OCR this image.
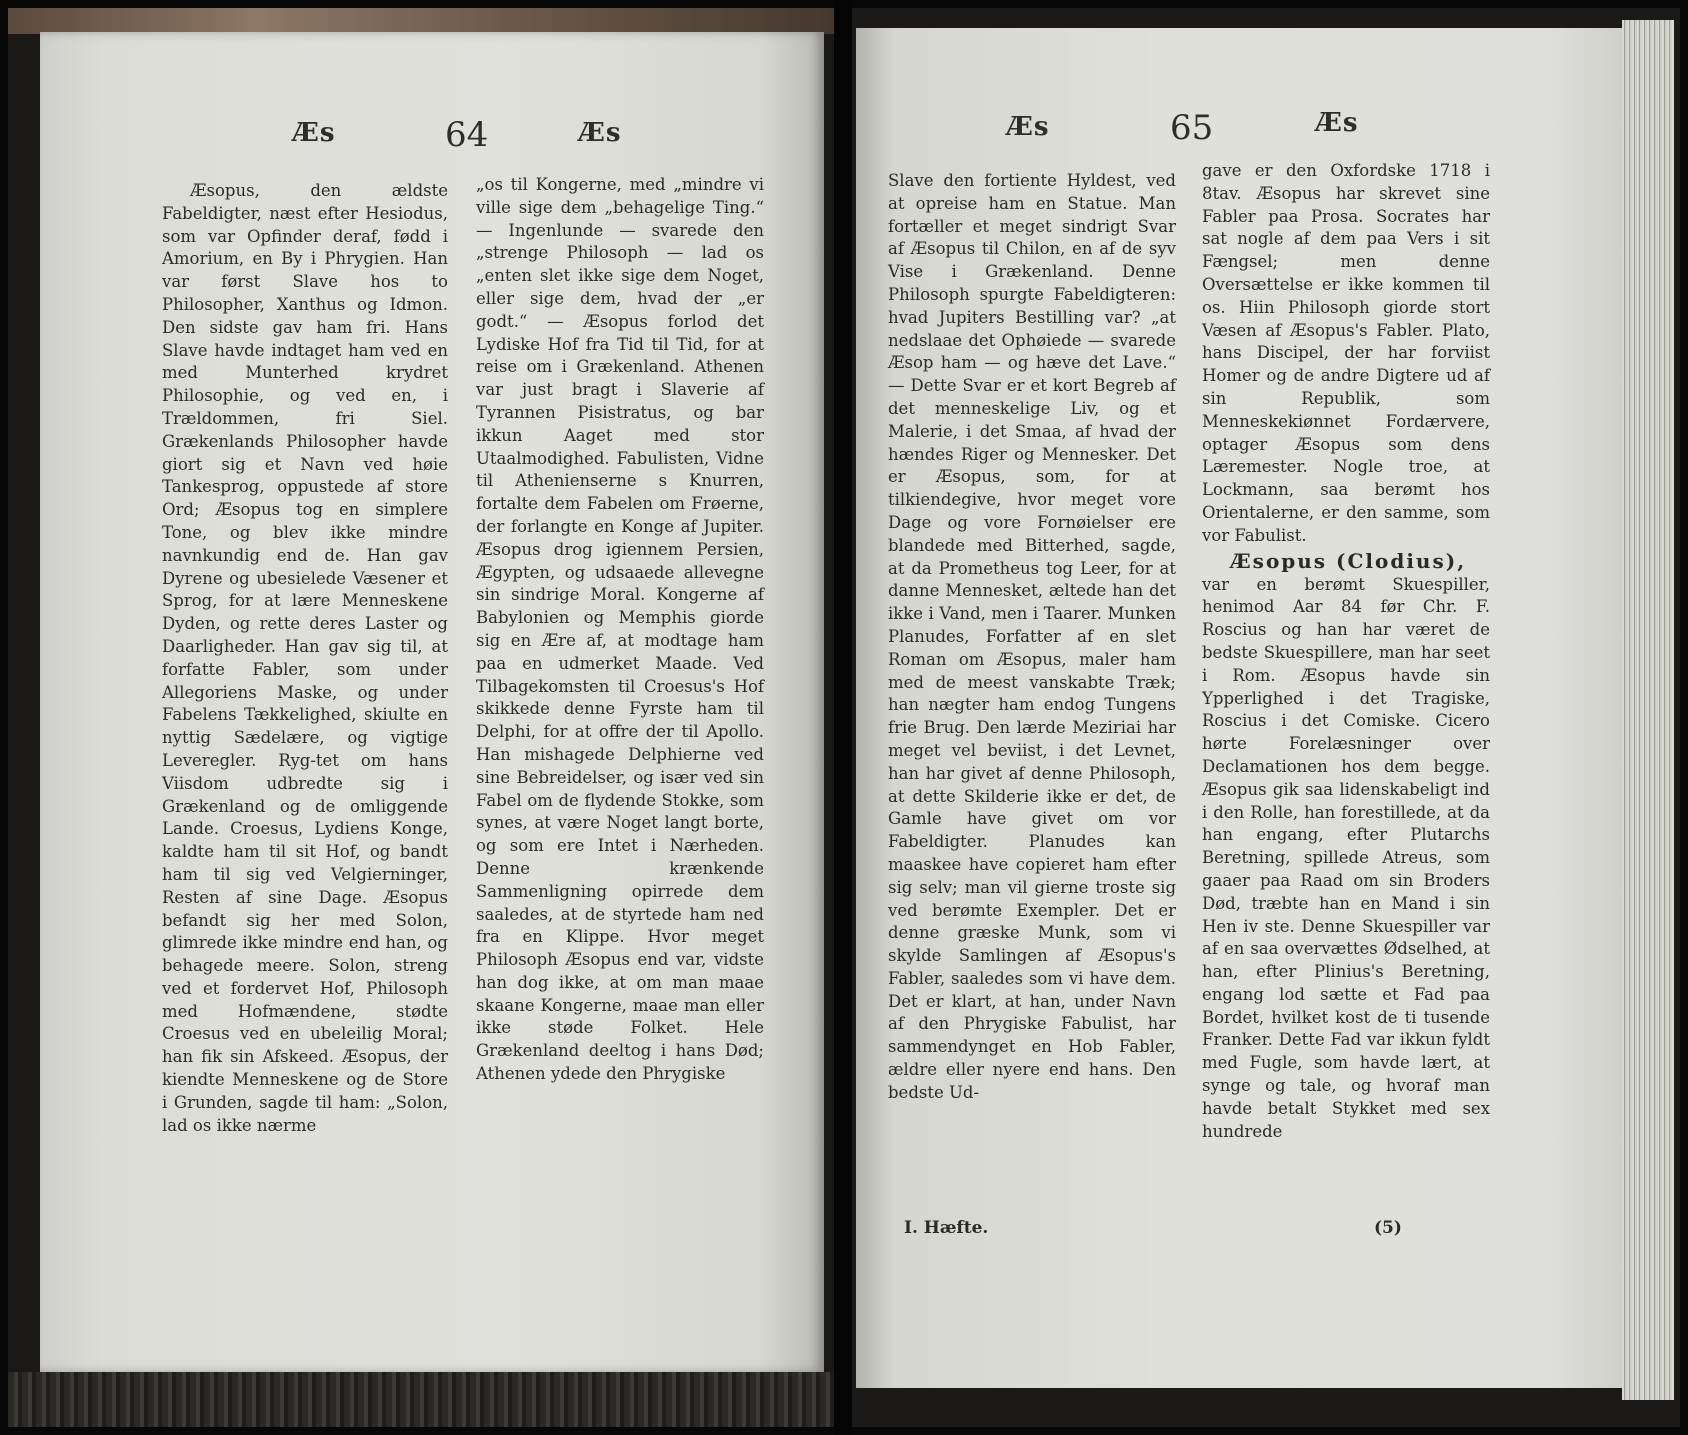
Æs	64	Æs

Æsopus, den ældste Fabeldigter, næst efter Hesiodus, som var Opfinder deraf, fødd i Amorium, en By i Phrygien. Han var først Slave hos to Philosopher, Xanthus og Idmon. Den sidste gav ham fri. Hans Slave havde indtaget ham ved en med Munterhed krydret Philosophie, og ved en, i Trældommen, fri Siel. Grækenlands Philosopher havde giort sig et Navn ved høie Tankesprog, oppustede af store Ord; Æsopus tog en simplere Tone, og blev ikke mindre navnkundig end de. Han gav Dyrene og ubesielede Væsener et Sprog, for at lære Menneskene Dyden, og rette deres Laster og Daarligheder. Han gav sig til, at forfatte Fabler, som under Allegoriens Maske, og under Fabelens Tækkelighed, skiulte en nyttig Sædelære, og vigtige Leveregler. Ryg-tet om hans Viisdom udbredte sig i Grækenland og de omliggende Lande. Croesus, Lydiens Konge, kaldte ham til sit Hof, og bandt ham til sig ved Velgierninger, Resten af sine Dage. Æsopus befandt sig her med Solon, glimrede ikke mindre end han, og behagede meere. Solon, streng ved et fordervet Hof, Philosoph med Hofmændene, stødte Croesus ved en ubeleilig Moral; han fik sin Afskeed. Æsopus, der kiendte Menneskene og de Store i Grunden, sagde til ham: „Solon, lad os ikke nærme

„os til Kongerne, med „mindre vi ville sige dem „behagelige Ting.“ — Ingenlunde — svarede den „strenge Philosoph — lad os „enten slet ikke sige dem Noget, eller sige dem, hvad der „er godt.“ — Æsopus forlod det Lydiske Hof fra Tid til Tid, for at reise om i Grækenland. Athenen var just bragt i Slaverie af Tyrannen Pisistratus, og bar ikkun Aaget med stor Utaalmodighed. Fabulisten, Vidne til Athenienserne s Knurren, fortalte dem Fabelen om Frøerne, der forlangte en Konge af Jupiter. Æsopus drog igiennem Persien, Ægypten, og udsaaede allevegne sin sindrige Moral. Kongerne af Babylonien og Memphis giorde sig en Ære af, at modtage ham paa en udmerket Maade. Ved Tilbagekomsten til Croesus's Hof skikkede denne Fyrste ham til Delphi, for at offre der til Apollo. Han mishagede Delphierne ved sine Bebreidelser, og især ved sin Fabel om de flydende Stokke, som synes, at være Noget langt borte, og som ere Intet i Nærheden. Denne krænkende Sammenligning opirrede dem saaledes, at de styrtede ham ned fra en Klippe. Hvor meget Philosoph Æsopus end var, vidste han dog ikke, at om man maae skaane Kongerne, maae man eller ikke støde Folket. Hele Grækenland deeltog i hans Død; Athenen ydede den Phrygiske

Æs	65	Æs

Slave den fortiente Hyldest, ved at opreise ham en Statue. Man fortæller et meget sindrigt Svar af Æsopus til Chilon, en af de syv Vise i Grækenland. Denne Philosoph spurgte Fabeldigteren: hvad Jupiters Bestilling var? „at nedslaae det Ophøiede — svarede Æsop ham — og hæve det Lave.“ — Dette Svar er et kort Begreb af det menneskelige Liv, og et Malerie, i det Smaa, af hvad der hændes Riger og Mennesker. Det er Æsopus, som, for at tilkiendegive, hvor meget vore Dage og vore Fornøielser ere blandede med Bitterhed, sagde, at da Prometheus tog Leer, for at danne Mennesket, æltede han det ikke i Vand, men i Taarer. Munken Planudes, Forfatter af en slet Roman om Æsopus, maler ham med de meest vanskabte Træk; han nægter ham endog Tungens frie Brug. Den lærde Meziriai har meget vel beviist, i det Levnet, han har givet af denne Philosoph, at dette Skilderie ikke er det, de Gamle have givet om vor Fabeldigter. Planudes kan maaskee have copieret ham efter sig selv; man vil gierne troste sig ved berømte Exempler. Det er denne græske Munk, som vi skylde Samlingen af Æsopus's Fabler, saaledes som vi have dem. Det er klart, at han, under Navn af den Phrygiske Fabulist, har sammendynget en Hob Fabler, ældre eller nyere end hans. Den bedste Ud-

gave er den Oxfordske 1718 i 8tav. Æsopus har skrevet sine Fabler paa Prosa. Socrates har sat nogle af dem paa Vers i sit Fængsel; men denne Oversættelse er ikke kommen til os. Hiin Philosoph giorde stort Væsen af Æsopus's Fabler. Plato, hans Discipel, der har forviist Homer og de andre Digtere ud af sin Republik, som Menneskekiønnet Fordærvere, optager Æsopus som dens Læremester. Nogle troe, at Lockmann, saa berømt hos Orientalerne, er den samme, som vor Fabulist.

Æsopus (Clodius),

var en berømt Skuespiller, henimod Aar 84 før Chr. F. Roscius og han har været de bedste Skuespillere, man har seet i Rom. Æsopus havde sin Ypperlighed i det Tragiske, Roscius i det Comiske. Cicero hørte Forelæsninger over Declamationen hos dem begge. Æsopus gik saa lidenskabeligt ind i den Rolle, han forestillede, at da han engang, efter Plutarchs Beretning, spillede Atreus, som gaaer paa Raad om sin Broders Død, træbte han en Mand i sin Hen iv ste. Denne Skuespiller var af en saa overvættes Ødselhed, at han, efter Plinius's Beretning, engang lod sætte et Fad paa Bordet, hvilket kost de ti tusende Franker. Dette Fad var ikkun fyldt med Fugle, som havde lært, at synge og tale, og hvoraf man havde betalt Stykket med sex hundrede

I. Hæfte.	(5)
